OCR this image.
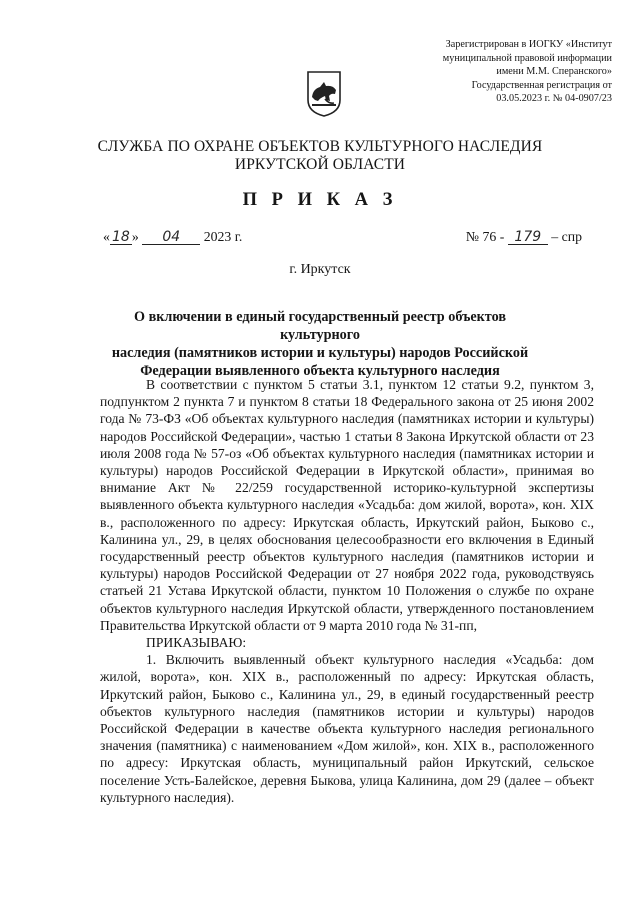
Зарегистрирован в ИОГКУ «Институт
муниципальной правовой информации
имени М.М. Сперанского»
Государственная регистрация от
03.05.2023 г. № 04-0907/23
СЛУЖБА ПО ОХРАНЕ ОБЪЕКТОВ КУЛЬТУРНОГО НАСЛЕДИЯ
ИРКУТСКОЙ ОБЛАСТИ
П Р И К А З
« 18 » 04 2023 г.	№ 76 - 179 – спр
г. Иркутск
О включении в единый государственный реестр объектов культурного
наследия (памятников истории и культуры) народов Российской
Федерации выявленного объекта культурного наследия

В соответствии с пунктом 5 статьи 3.1, пунктом 12 статьи 9.2, пунктом 3, подпунктом 2 пункта 7 и пунктом 8 статьи 18 Федерального закона от 25 июня 2002 года № 73-ФЗ «Об объектах культурного наследия (памятниках истории и культуры) народов Российской Федерации», частью 1 статьи 8 Закона Иркутской области от 23 июля 2008 года № 57-оз «Об объектах культурного наследия (памятниках истории и культуры) народов Российской Федерации в Иркутской области», принимая во внимание Акт № 22/259 государственной историко-культурной экспертизы выявленного объекта культурного наследия «Усадьба: дом жилой, ворота», кон. XIX в., расположенного по адресу: Иркутская область, Иркутский район, Быково с., Калинина ул., 29, в целях обоснования целесообразности его включения в Единый государственный реестр объектов культурного наследия (памятников истории и культуры) народов Российской Федерации от 27 ноября 2022 года, руководствуясь статьей 21 Устава Иркутской области, пунктом 10 Положения о службе по охране объектов культурного наследия Иркутской области, утвержденного постановлением Правительства Иркутской области от 9 марта 2010 года № 31-пп,

ПРИКАЗЫВАЮ:

1. Включить выявленный объект культурного наследия «Усадьба: дом жилой, ворота», кон. XIX в., расположенный по адресу: Иркутская область, Иркутский район, Быково с., Калинина ул., 29, в единый государственный реестр объектов культурного наследия (памятников истории и культуры) народов Российской Федерации в качестве объекта культурного наследия регионального значения (памятника) с наименованием «Дом жилой», кон. XIX в., расположенного по адресу: Иркутская область, муниципальный район Иркутский, сельское поселение Усть-Балейское, деревня Быкова, улица Калинина, дом 29 (далее – объект культурного наследия).
